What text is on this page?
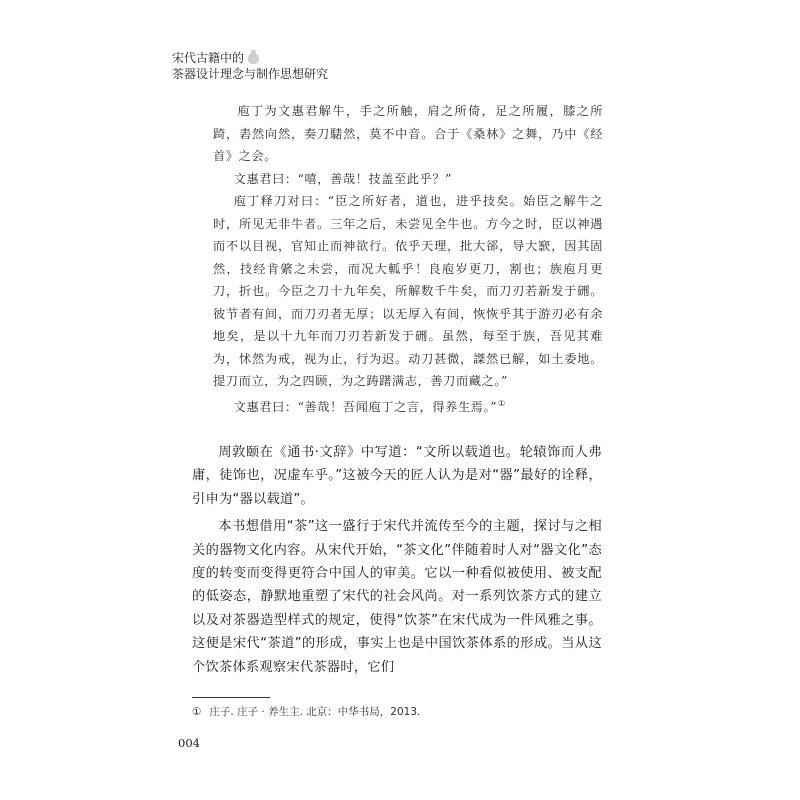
宋代古籍中的
茶器设计理念与制作思想研究

庖丁为文惠君解牛，手之所触，肩之所倚，足之所履，膝之所踦，砉然向然，奏刀騞然，莫不中音。合于《桑林》之舞，乃中《经首》之会。

文惠君曰：“嘻，善哉！技盖至此乎？”

庖丁释刀对曰：“臣之所好者，道也，进乎技矣。始臣之解牛之时，所见无非牛者。三年之后，未尝见全牛也。方今之时，臣以神遇而不以目视，官知止而神欲行。依乎天理，批大郤，导大窾，因其固然，技经肯綮之未尝，而况大軱乎！良庖岁更刀，割也；族庖月更刀，折也。今臣之刀十九年矣，所解数千牛矣，而刀刃若新发于硎。彼节者有间，而刀刃者无厚；以无厚入有间，恢恢乎其于游刃必有余地矣，是以十九年而刀刃若新发于硎。虽然，每至于族，吾见其难为，怵然为戒，视为止，行为迟。动刀甚微，謋然已解，如土委地。提刀而立，为之四顾，为之踌躇满志，善刀而藏之。”

文惠君曰：“善哉！吾闻庖丁之言，得养生焉。”①

周敦颐在《通书·文辞》中写道：“文所以载道也。轮辕饰而人弗庸，徒饰也，况虚车乎。”这被今天的匠人认为是对“器”最好的诠释，引申为“器以载道”。

本书想借用“茶”这一盛行于宋代并流传至今的主题，探讨与之相关的器物文化内容。从宋代开始，“茶文化”伴随着时人对“器文化”态度的转变而变得更符合中国人的审美。它以一种看似被使用、被支配的低姿态，静默地重塑了宋代的社会风尚。对一系列饮茶方式的建立以及对茶器造型样式的规定，使得“饮茶”在宋代成为一件风雅之事。这便是宋代“茶道”的形成，事实上也是中国饮茶体系的形成。当从这个饮茶体系观察宋代茶器时，它们

① 庄子. 庄子 · 养生主. 北京：中华书局，2013.
004
